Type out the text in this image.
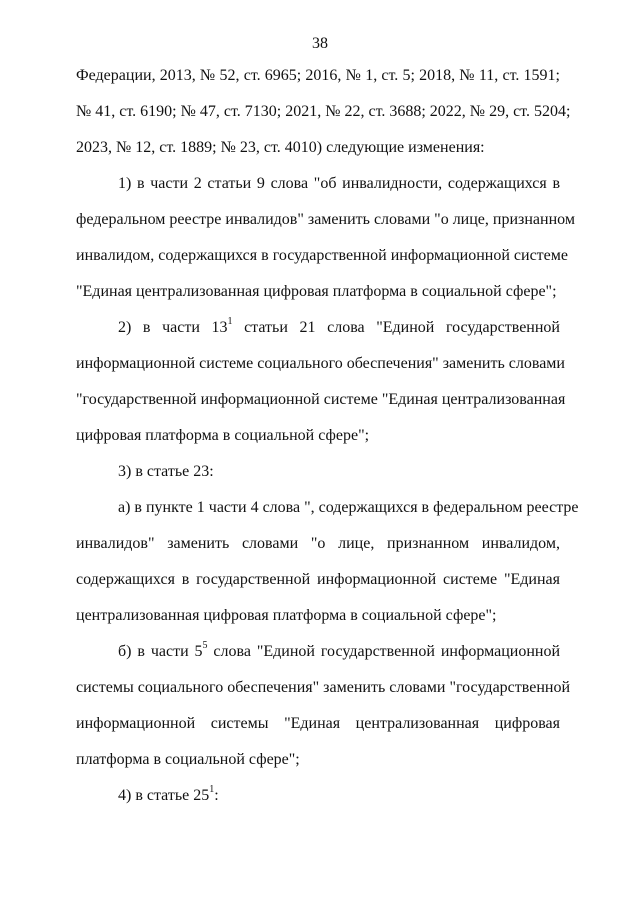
38
Федерации, 2013, № 52, ст. 6965; 2016, № 1, ст. 5; 2018, № 11, ст. 1591;
№ 41, ст. 6190; № 47, ст. 7130; 2021, № 22, ст. 3688; 2022, № 29, ст. 5204;
2023, № 12, ст. 1889; № 23, ст. 4010) следующие изменения:
1) в части 2 статьи 9 слова "об инвалидности, содержащихся в
федеральном реестре инвалидов" заменить словами "о лице, признанном
инвалидом, содержащихся в государственной информационной системе
"Единая централизованная цифровая платформа в социальной сфере";
2) в части $13^1$ статьи 21 слова "Единой государственной
информационной системе социального обеспечения" заменить словами
"государственной информационной системе "Единая централизованная
цифровая платформа в социальной сфере";
3) в статье 23:
а) в пункте 1 части 4 слова ", содержащихся в федеральном реестре
инвалидов" заменить словами "о лице, признанном инвалидом,
содержащихся в государственной информационной системе "Единая
централизованная цифровая платформа в социальной сфере";
б) в части $5^5$ слова "Единой государственной информационной
системы социального обеспечения" заменить словами "государственной
информационной системы "Единая централизованная цифровая
платформа в социальной сфере";
4) в статье $25^1$:
